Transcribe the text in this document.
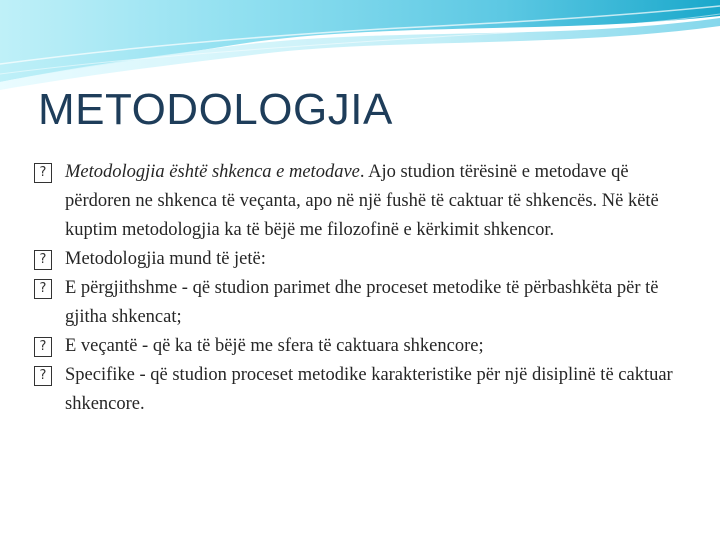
METODOLOGJIA
? Metodologjia është shkenca e metodave. Ajo studion tërësinë e metodave që përdoren ne shkenca të veçanta, apo në një fushë të caktuar të shkencës. Në këtë kuptim metodologjia ka të bëjë me filozofinë e kërkimit shkencor.
? Metodologjia mund të jetë:
? E përgjithshme - që studion parimet dhe proceset metodike të përbashkëta për të gjitha shkencat;
? E veçantë - që ka të bëjë me sfera të caktuara shkencore;
? Specifike - që studion proceset metodike karakteristike për një disiplinë të caktuar shkencore.
